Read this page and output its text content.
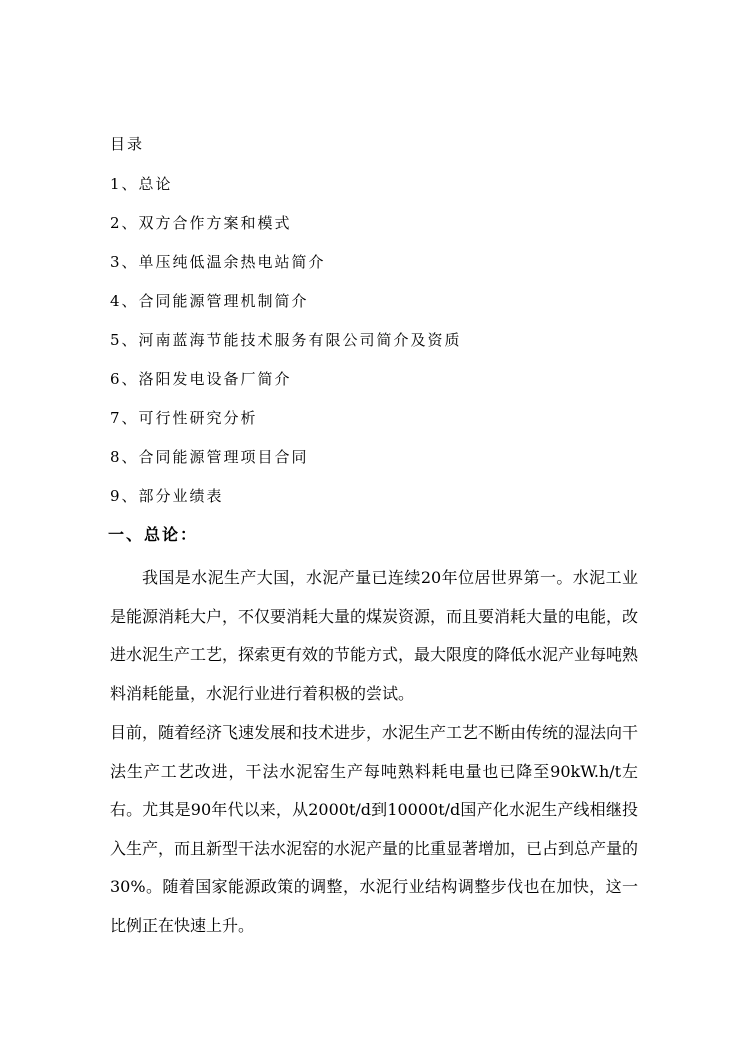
目录
1、总论
2、双方合作方案和模式
3、单压纯低温余热电站简介
4、合同能源管理机制简介
5、河南蓝海节能技术服务有限公司简介及资质
6、洛阳发电设备厂简介
7、可行性研究分析
8、合同能源管理项目合同
9、部分业绩表
一、总论：

我国是水泥生产大国，水泥产量已连续20年位居世界第一。水泥工业是能源消耗大户，不仅要消耗大量的煤炭资源，而且要消耗大量的电能，改进水泥生产工艺，探索更有效的节能方式，最大限度的降低水泥产业每吨熟料消耗能量，水泥行业进行着积极的尝试。

目前，随着经济飞速发展和技术进步，水泥生产工艺不断由传统的湿法向干法生产工艺改进，干法水泥窑生产每吨熟料耗电量也已降至90kW.h/t左右。尤其是90年代以来，从2000t/d到10000t/d国产化水泥生产线相继投入生产，而且新型干法水泥窑的水泥产量的比重显著增加，已占到总产量的30%。随着国家能源政策的调整，水泥行业结构调整步伐也在加快，这一比例正在快速上升。
